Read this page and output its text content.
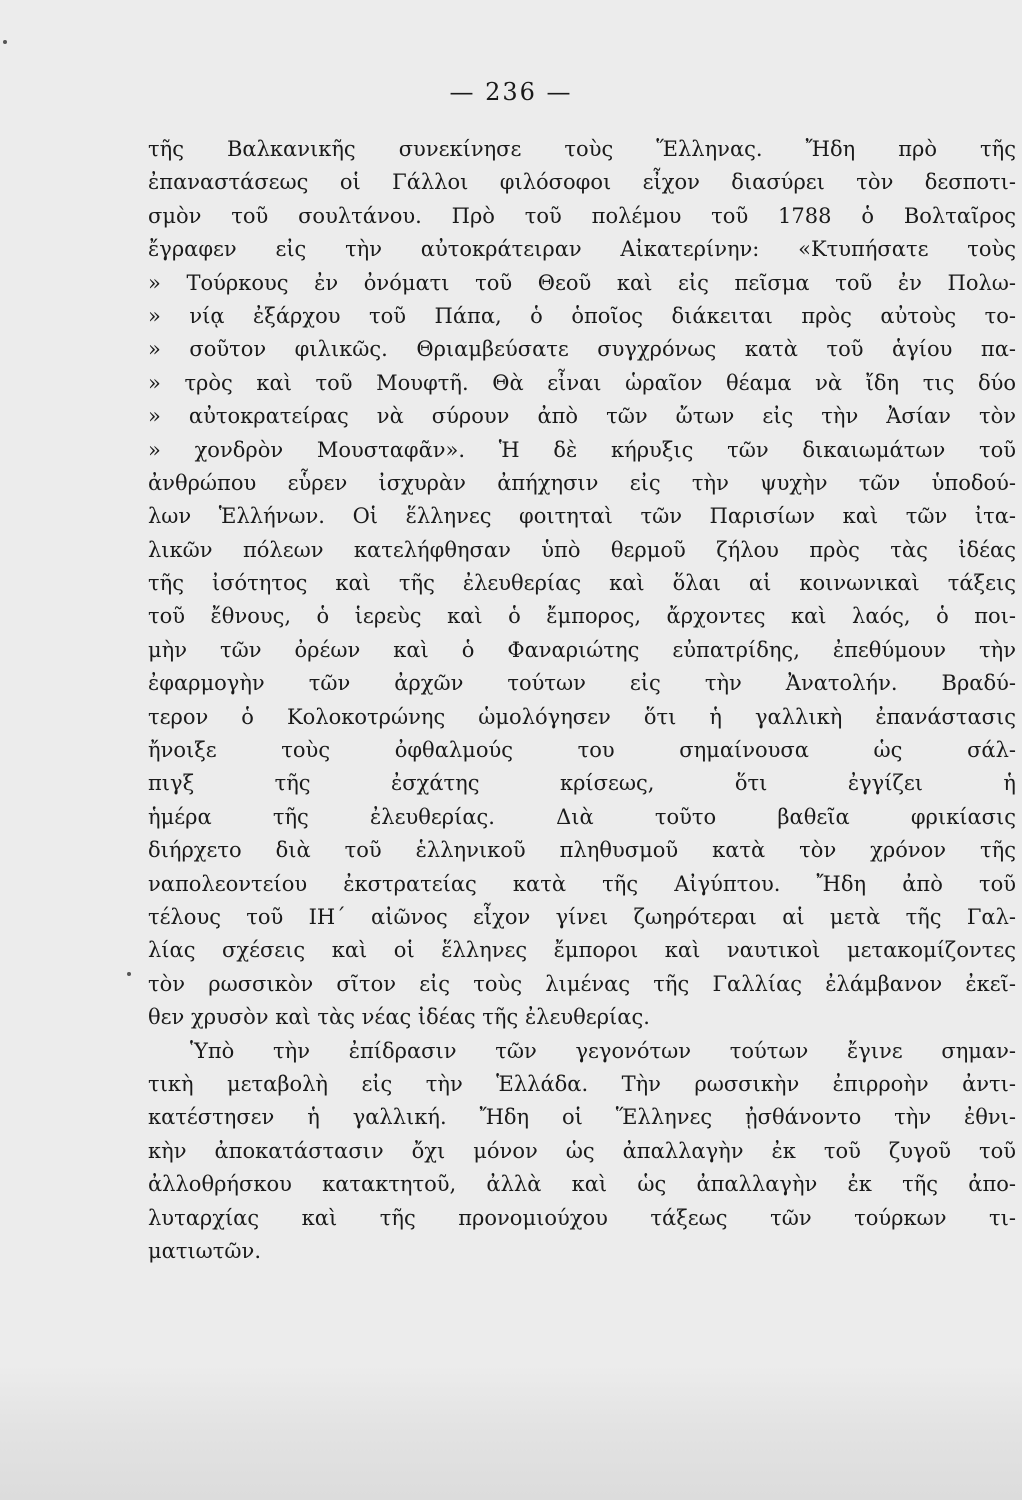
— 236 —
τῆς Βαλκανικῆς συνεκίνησε τοὺς Ἕλληνας. Ἤδη πρὸ τῆς
ἐπαναστάσεως οἱ Γάλλοι φιλόσοφοι εἶχον διασύρει τὸν δεσποτι-
σμὸν τοῦ σουλτάνου. Πρὸ τοῦ πολέμου τοῦ 1788 ὁ Βολταῖρος
ἔγραφεν εἰς τὴν αὐτοκράτειραν Αἰκατερίνην: «Κτυπήσατε τοὺς
» Τούρκους ἐν ὀνόματι τοῦ Θεοῦ καὶ εἰς πεῖσμα τοῦ ἐν Πολω-
» νίᾳ ἐξάρχου τοῦ Πάπα, ὁ ὁποῖος διάκειται πρὸς αὐτοὺς το-
» σοῦτον φιλικῶς. Θριαμβεύσατε συγχρόνως κατὰ τοῦ ἁγίου πα-
» τρὸς καὶ τοῦ Μουφτῆ. Θὰ εἶναι ὡραῖον θέαμα νὰ ἴδη τις δύο
» αὐτοκρατείρας νὰ σύρουν ἀπὸ τῶν ὤτων εἰς τὴν Ἀσίαν τὸν
» χονδρὸν Μουσταφᾶν». Ἡ δὲ κήρυξις τῶν δικαιωμάτων τοῦ
ἀνθρώπου εὗρεν ἰσχυρὰν ἀπήχησιν εἰς τὴν ψυχὴν τῶν ὑποδού-
λων Ἑλλήνων. Οἱ ἕλληνες φοιτηταὶ τῶν Παρισίων καὶ τῶν ἰτα-
λικῶν πόλεων κατελήφθησαν ὑπὸ θερμοῦ ζήλου πρὸς τὰς ἰδέας
τῆς ἰσότητος καὶ τῆς ἐλευθερίας καὶ ὅλαι αἱ κοινωνικαὶ τάξεις
τοῦ ἔθνους, ὁ ἱερεὺς καὶ ὁ ἔμπορος, ἄρχοντες καὶ λαός, ὁ ποι-
μὴν τῶν ὀρέων καὶ ὁ Φαναριώτης εὐπατρίδης, ἐπεθύμουν τὴν
ἐφαρμογὴν τῶν ἀρχῶν τούτων εἰς τὴν Ἀνατολήν. Βραδύ-
τερον ὁ Κολοκοτρώνης ὡμολόγησεν ὅτι ἡ γαλλικὴ ἐπανάστασις
ἤνοιξε τοὺς ὀφθαλμούς του σημαίνουσα ὡς σάλ-
πιγξ τῆς ἐσχάτης κρίσεως, ὅτι ἐγγίζει ἡ
ἡμέρα τῆς ἐλευθερίας. Διὰ τοῦτο βαθεῖα φρικίασις
διήρχετο διὰ τοῦ ἑλληνικοῦ πληθυσμοῦ κατὰ τὸν χρόνον τῆς
ναπολεοντείου ἐκστρατείας κατὰ τῆς Αἰγύπτου. Ἤδη ἀπὸ τοῦ
τέλους τοῦ ΙΗ΄ αἰῶνος εἶχον γίνει ζωηρότεραι αἱ μετὰ τῆς Γαλ-
λίας σχέσεις καὶ οἱ ἕλληνες ἔμποροι καὶ ναυτικοὶ μετακομίζοντες
τὸν ρωσσικὸν σῖτον εἰς τοὺς λιμένας τῆς Γαλλίας ἐλάμβανον ἐκεῖ-
θεν χρυσὸν καὶ τὰς νέας ἰδέας τῆς ἐλευθερίας.
Ὑπὸ τὴν ἐπίδρασιν τῶν γεγονότων τούτων ἔγινε σημαν-
τικὴ μεταβολὴ εἰς τὴν Ἑλλάδα. Τὴν ρωσσικὴν ἐπιρροὴν ἀντι-
κατέστησεν ἡ γαλλική. Ἤδη οἱ Ἕλληνες ᾐσθάνοντο τὴν ἐθνι-
κὴν ἀποκατάστασιν ὄχι μόνον ὡς ἀπαλλαγὴν ἐκ τοῦ ζυγοῦ τοῦ
ἀλλοθρήσκου κατακτητοῦ, ἀλλὰ καὶ ὡς ἀπαλλαγὴν ἐκ τῆς ἀπο-
λυταρχίας καὶ τῆς προνομιούχου τάξεως τῶν τούρκων τι-
ματιωτῶν.
